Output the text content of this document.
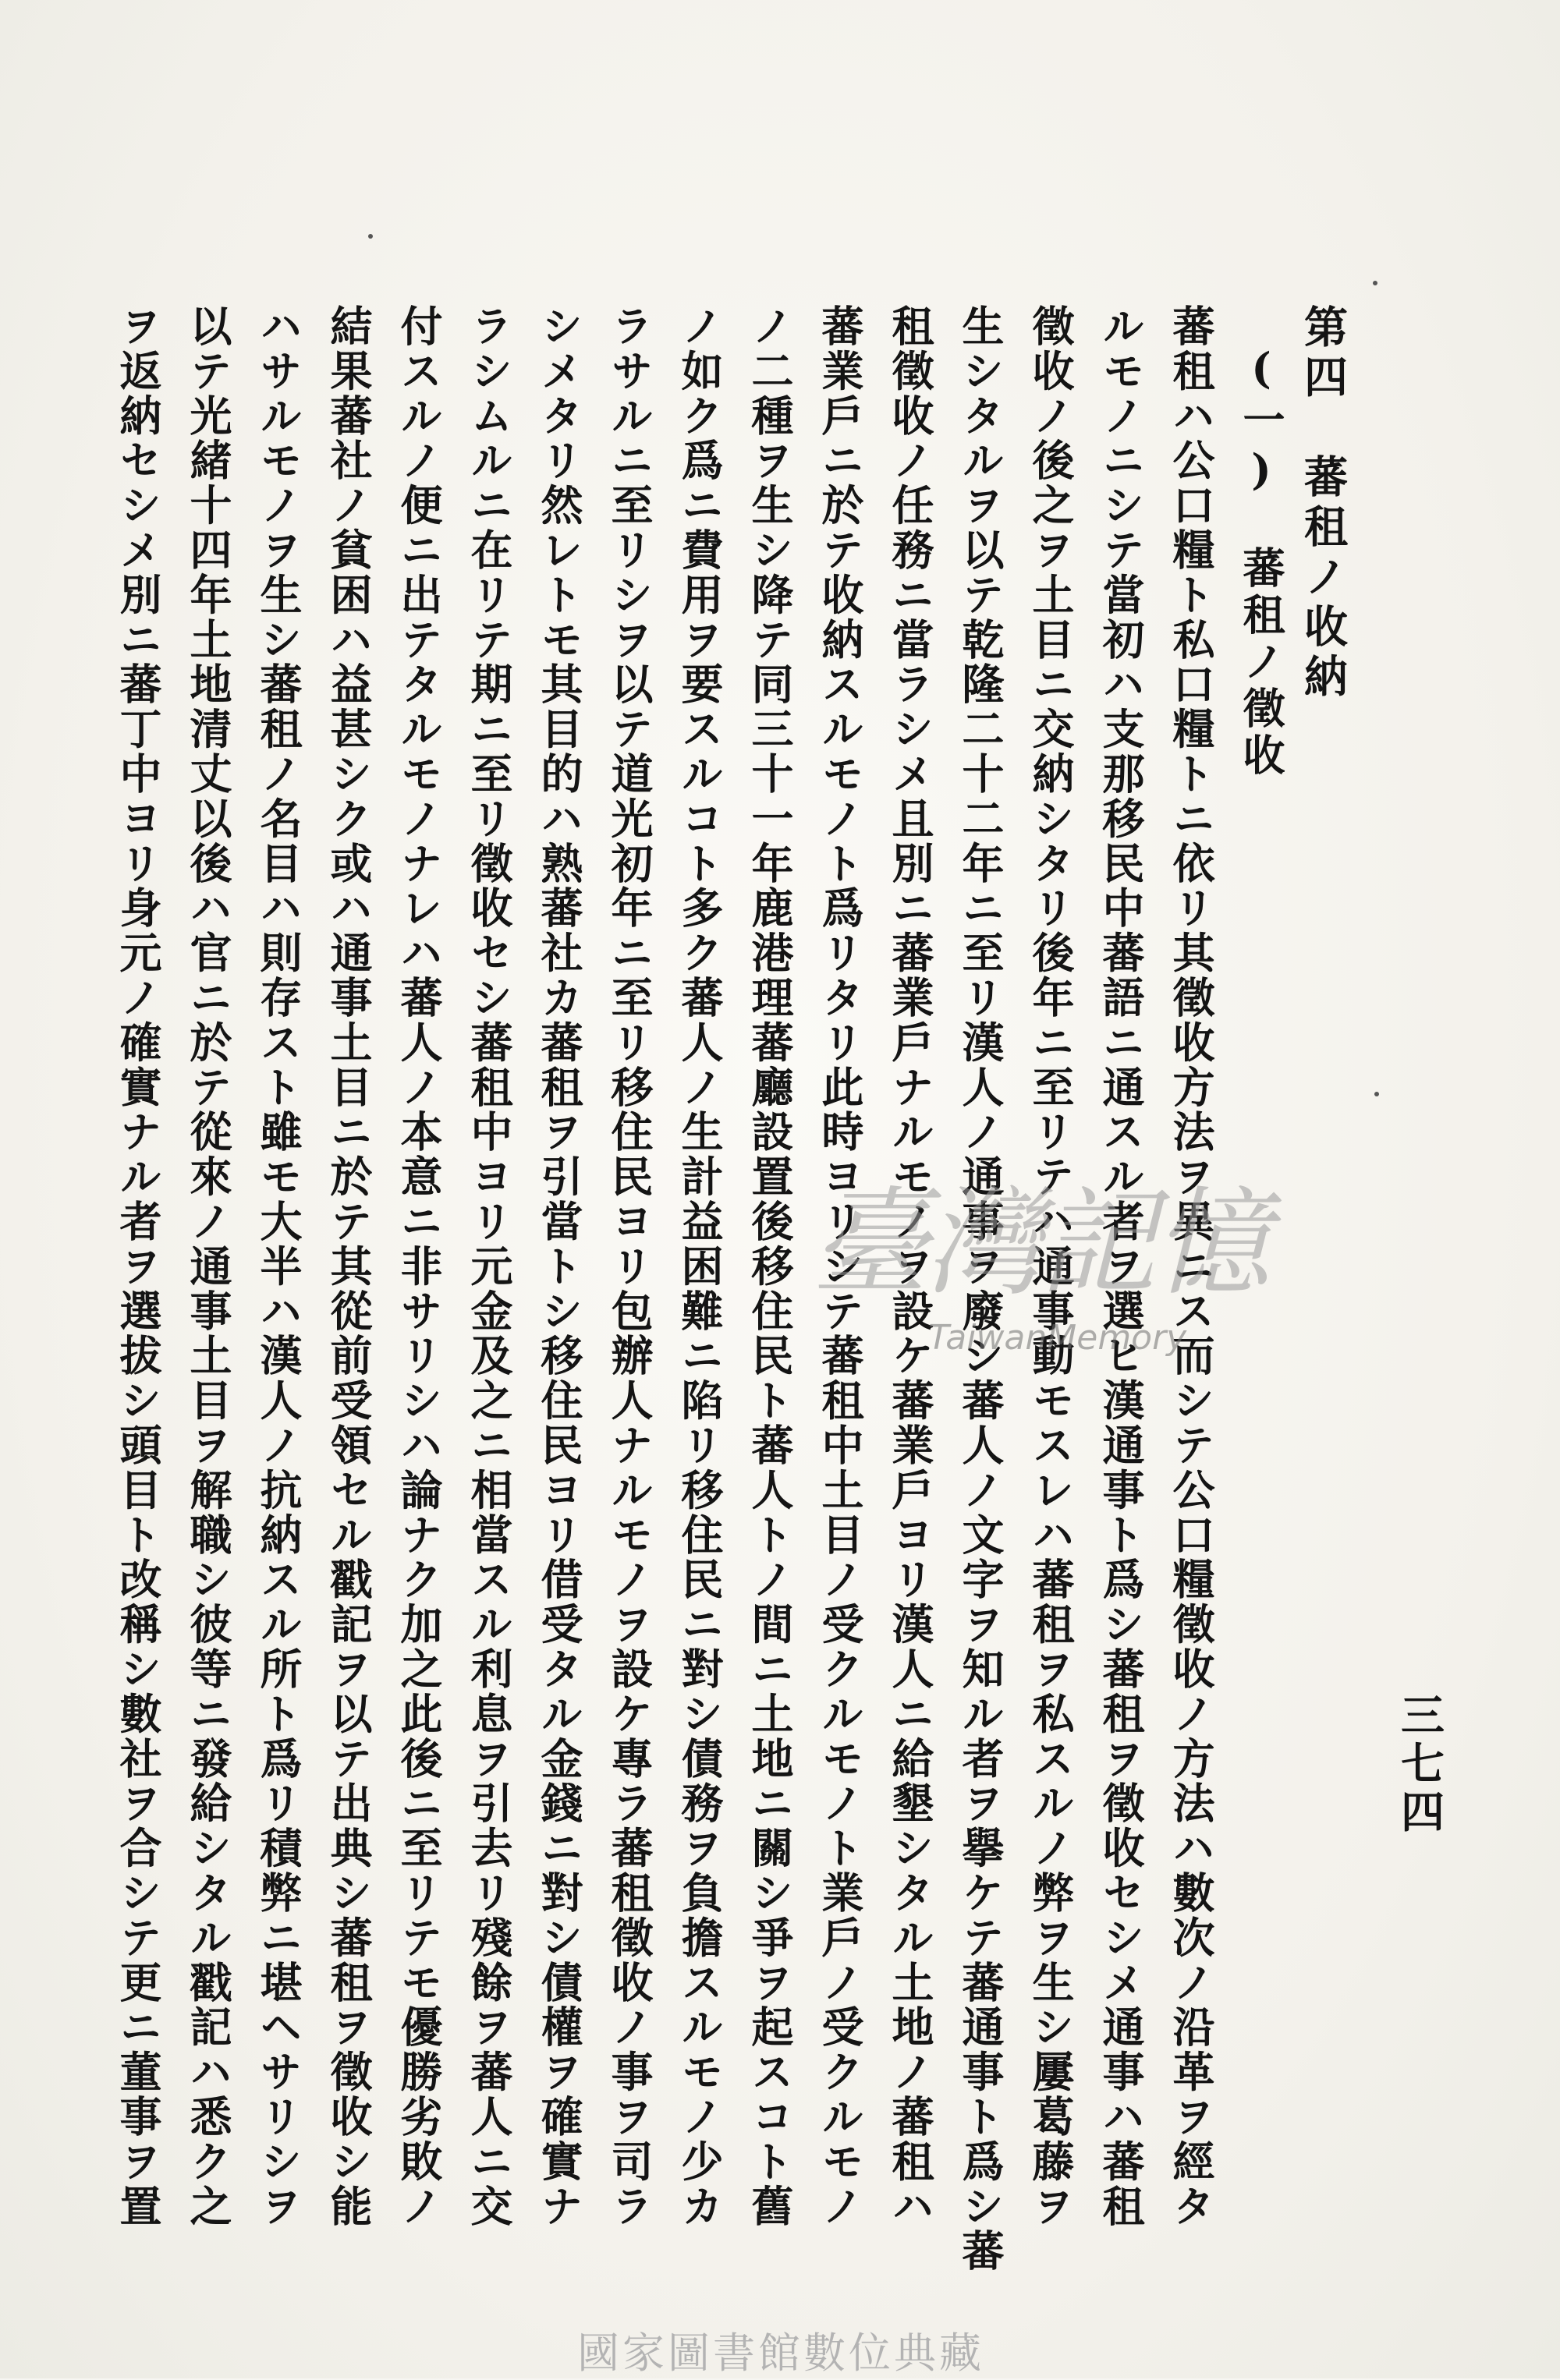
三七四
第四　蕃租ノ收納
(一)　蕃租ノ徵收
蕃租ハ公口糧ト私口糧トニ依リ其徵收方法ヲ異ニス而シテ公口糧徵收ノ方法ハ數次ノ沿革ヲ經タ
ルモノニシテ當初ハ支那移民中蕃語ニ通スル者ヲ選ヒ漢通事ト爲シ蕃租ヲ徵收セシメ通事ハ蕃租
徵收ノ後之ヲ土目ニ交納シタリ後年ニ至リテハ通事動モスレハ蕃租ヲ私スルノ弊ヲ生シ屢葛藤ヲ
生シタルヲ以テ乾隆二十二年ニ至リ漢人ノ通事ヲ廢シ蕃人ノ文字ヲ知ル者ヲ擧ケテ蕃通事ト爲シ蕃
租徵收ノ任務ニ當ラシメ且別ニ蕃業戶ナルモノヲ設ケ蕃業戶ヨリ漢人ニ給墾シタル土地ノ蕃租ハ
蕃業戶ニ於テ收納スルモノト爲リタリ此時ヨリシテ蕃租中土目ノ受クルモノト業戶ノ受クルモノ
ノ二種ヲ生シ降テ同三十一年鹿港理蕃廳設置後移住民ト蕃人トノ間ニ土地ニ關シ爭ヲ起スコト舊
ノ如ク爲ニ費用ヲ要スルコト多ク蕃人ノ生計益困難ニ陷リ移住民ニ對シ債務ヲ負擔スルモノ少カ
ラサルニ至リシヲ以テ道光初年ニ至リ移住民ヨリ包辦人ナルモノヲ設ケ專ラ蕃租徵收ノ事ヲ司ラ
シメタリ然レトモ其目的ハ熟蕃社カ蕃租ヲ引當トシ移住民ヨリ借受タル金錢ニ對シ債權ヲ確實ナ
ラシムルニ在リテ期ニ至リ徵收セシ蕃租中ヨリ元金及之ニ相當スル利息ヲ引去リ殘餘ヲ蕃人ニ交
付スルノ便ニ出テタルモノナレハ蕃人ノ本意ニ非サリシハ論ナク加之此後ニ至リテモ優勝劣敗ノ
結果蕃社ノ貧困ハ益甚シク或ハ通事土目ニ於テ其從前受領セル戳記ヲ以テ出典シ蕃租ヲ徵收シ能
ハサルモノヲ生シ蕃租ノ名目ハ則存スト雖モ大半ハ漢人ノ抗納スル所ト爲リ積弊ニ堪ヘサリシヲ
以テ光緒十四年土地清丈以後ハ官ニ於テ從來ノ通事土目ヲ解職シ彼等ニ發給シタル戳記ハ悉ク之
ヲ返納セシメ別ニ蕃丁中ヨリ身元ノ確實ナル者ヲ選拔シ頭目ト改稱シ數社ヲ合シテ更ニ董事ヲ置	臺灣記憶
TaiwanMemory
國家圖書館數位典藏
